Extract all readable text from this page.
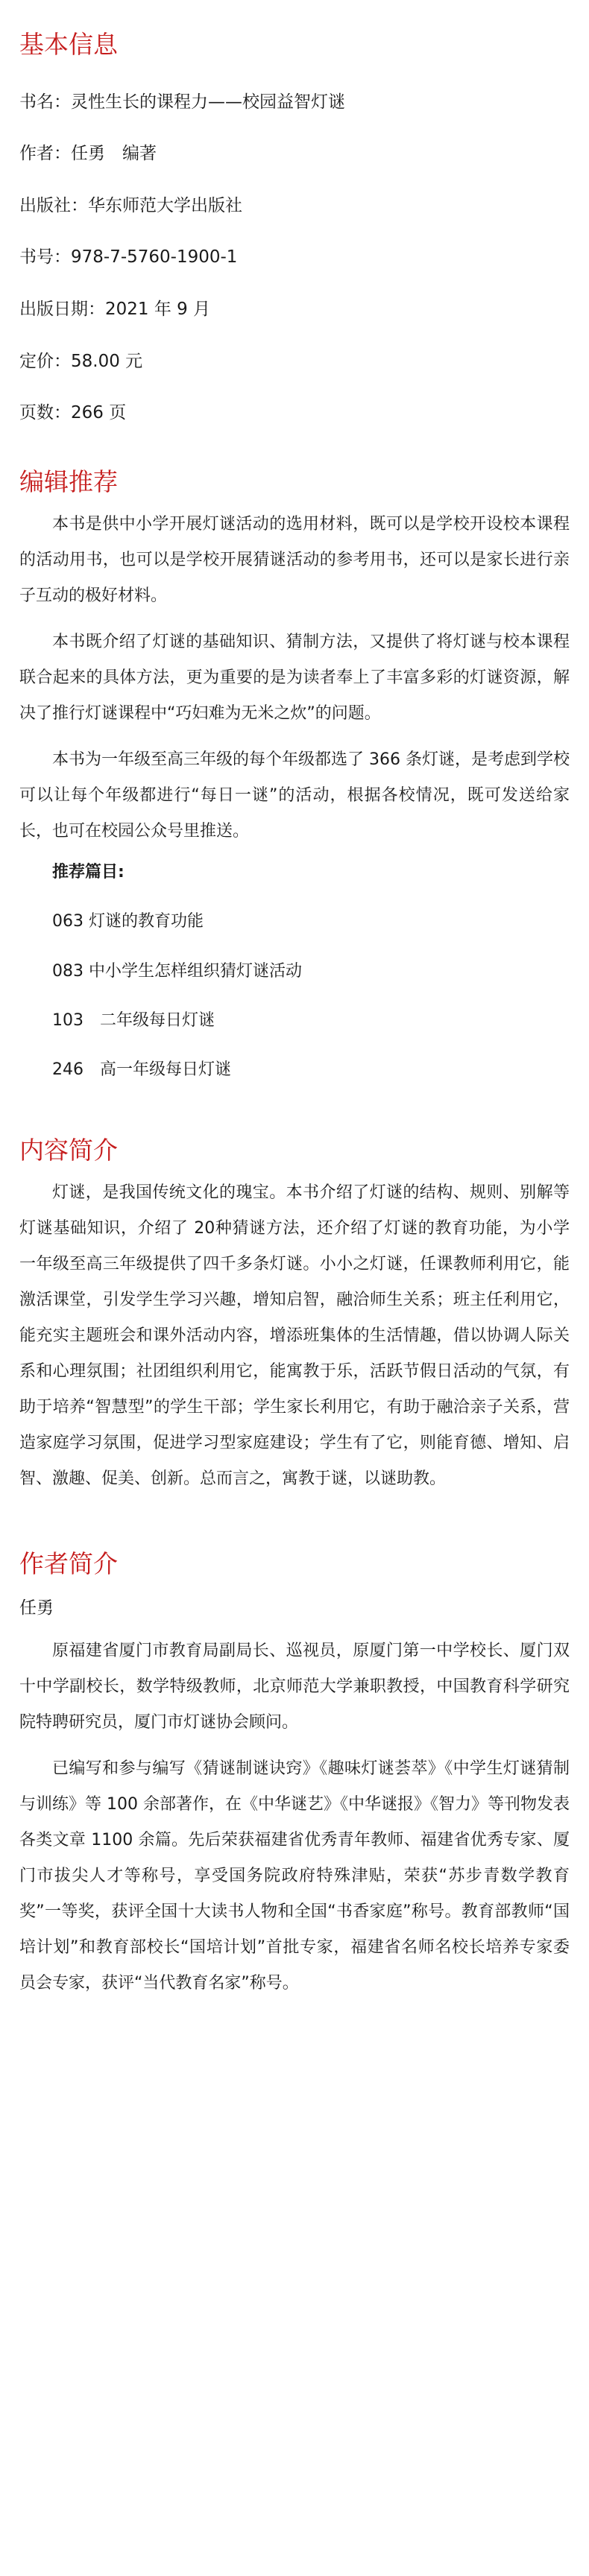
基本信息

书名：灵性生长的课程力——校园益智灯谜

作者：任勇　编著

出版社：华东师范大学出版社

书号：978-7-5760-1900-1

出版日期：2021 年 9 月

定价：58.00 元

页数：266 页

编辑推荐

本书是供中小学开展灯谜活动的选用材料，既可以是学校开设校本课程的活动用书，也可以是学校开展猜谜活动的参考用书，还可以是家长进行亲子互动的极好材料。

本书既介绍了灯谜的基础知识、猜制方法，又提供了将灯谜与校本课程联合起来的具体方法，更为重要的是为读者奉上了丰富多彩的灯谜资源，解决了推行灯谜课程中“巧妇难为无米之炊”的问题。

本书为一年级至高三年级的每个年级都选了 366 条灯谜，是考虑到学校可以让每个年级都进行“每日一谜”的活动，根据各校情况，既可发送给家长，也可在校园公众号里推送。

推荐篇目:

063 灯谜的教育功能

083 中小学生怎样组织猜灯谜活动

103　二年级每日灯谜

246　高一年级每日灯谜

内容简介

灯谜，是我国传统文化的瑰宝。本书介绍了灯谜的结构、规则、别解等灯谜基础知识，介绍了 20种猜谜方法，还介绍了灯谜的教育功能，为小学一年级至高三年级提供了四千多条灯谜。小小之灯谜，任课教师利用它，能激活课堂，引发学生学习兴趣，增知启智，融洽师生关系；班主任利用它，能充实主题班会和课外活动内容，增添班集体的生活情趣，借以协调人际关系和心理氛围；社团组织利用它，能寓教于乐，活跃节假日活动的气氛，有助于培养“智慧型”的学生干部；学生家长利用它，有助于融洽亲子关系，营造家庭学习氛围，促进学习型家庭建设；学生有了它，则能育德、增知、启智、激趣、促美、创新。总而言之，寓教于谜，以谜助教。

作者简介

任勇

原福建省厦门市教育局副局长、巡视员，原厦门第一中学校长、厦门双十中学副校长，数学特级教师，北京师范大学兼职教授，中国教育科学研究院特聘研究员，厦门市灯谜协会顾问。

已编写和参与编写《猜谜制谜诀窍》《趣味灯谜荟萃》《中学生灯谜猜制与训练》等 100 余部著作，在《中华谜艺》《中华谜报》《智力》等刊物发表各类文章 1100 余篇。先后荣获福建省优秀青年教师、福建省优秀专家、厦门市拔尖人才等称号，享受国务院政府特殊津贴，荣获“苏步青数学教育奖”一等奖，获评全国十大读书人物和全国“书香家庭”称号。教育部教师“国培计划”和教育部校长“国培计划”首批专家，福建省名师名校长培养专家委员会专家，获评“当代教育名家”称号。
